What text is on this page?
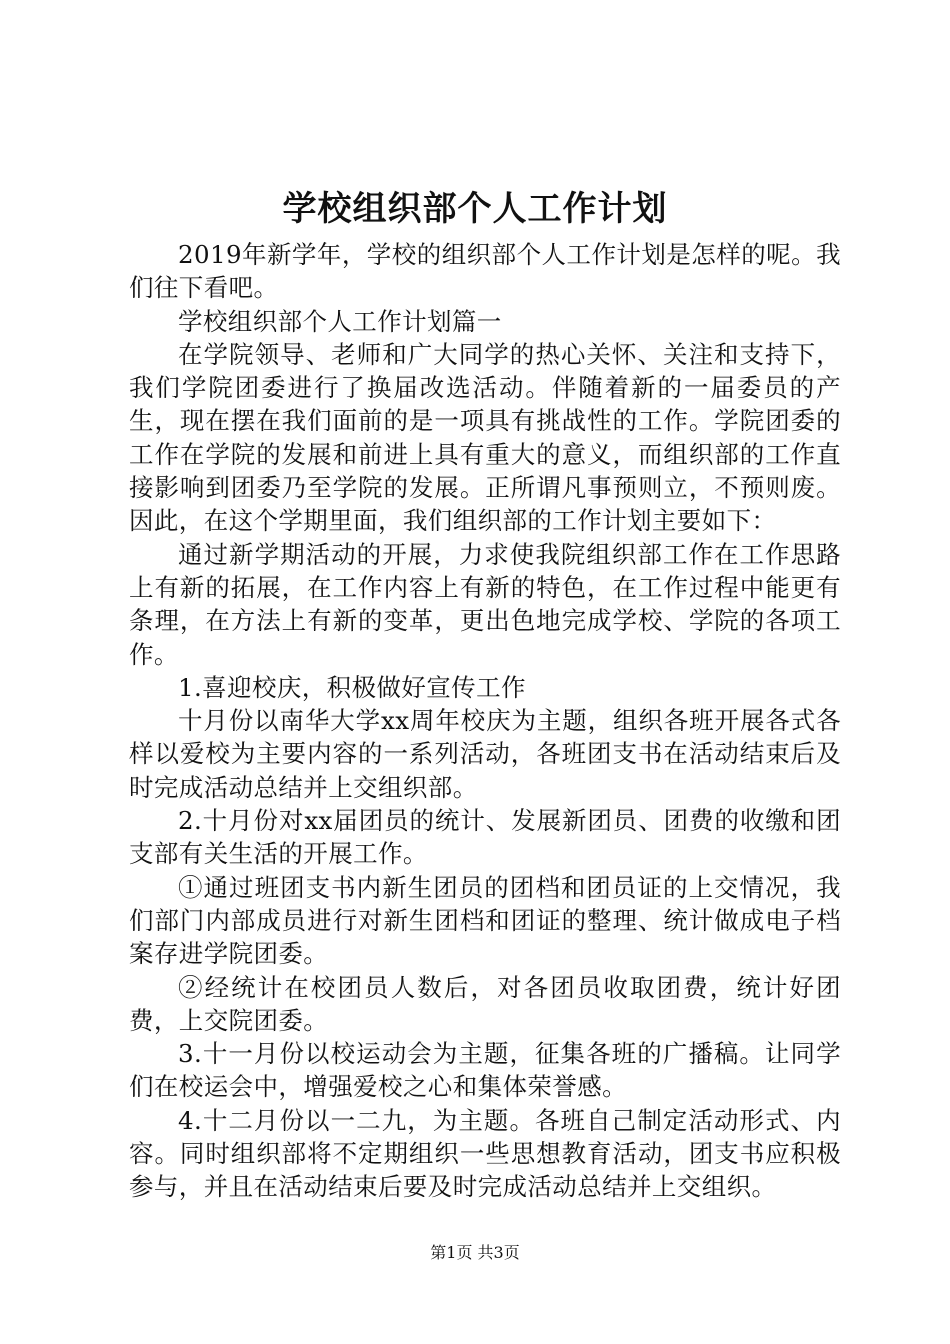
学校组织部个人工作计划

2019年新学年，学校的组织部个人工作计划是怎样的呢。我们往下看吧。

学校组织部个人工作计划篇一

在学院领导、老师和广大同学的热心关怀、关注和支持下，我们学院团委进行了换届改选活动。伴随着新的一届委员的产生，现在摆在我们面前的是一项具有挑战性的工作。学院团委的工作在学院的发展和前进上具有重大的意义，而组织部的工作直接影响到团委乃至学院的发展。正所谓凡事预则立，不预则废。因此，在这个学期里面，我们组织部的工作计划主要如下：

通过新学期活动的开展，力求使我院组织部工作在工作思路上有新的拓展，在工作内容上有新的特色，在工作过程中能更有条理，在方法上有新的变革，更出色地完成学校、学院的各项工作。

1.喜迎校庆，积极做好宣传工作

十月份以南华大学xx周年校庆为主题，组织各班开展各式各样以爱校为主要内容的一系列活动，各班团支书在活动结束后及时完成活动总结并上交组织部。

2.十月份对xx届团员的统计、发展新团员、团费的收缴和团支部有关生活的开展工作。

①通过班团支书内新生团员的团档和团员证的上交情况，我们部门内部成员进行对新生团档和团证的整理、统计做成电子档案存进学院团委。

②经统计在校团员人数后，对各团员收取团费，统计好团费，上交院团委。

3.十一月份以校运动会为主题，征集各班的广播稿。让同学们在校运会中，增强爱校之心和集体荣誉感。

4.十二月份以一二九，为主题。各班自己制定活动形式、内容。同时组织部将不定期组织一些思想教育活动，团支书应积极参与，并且在活动结束后要及时完成活动总结并上交组织。

第1页 共3页
